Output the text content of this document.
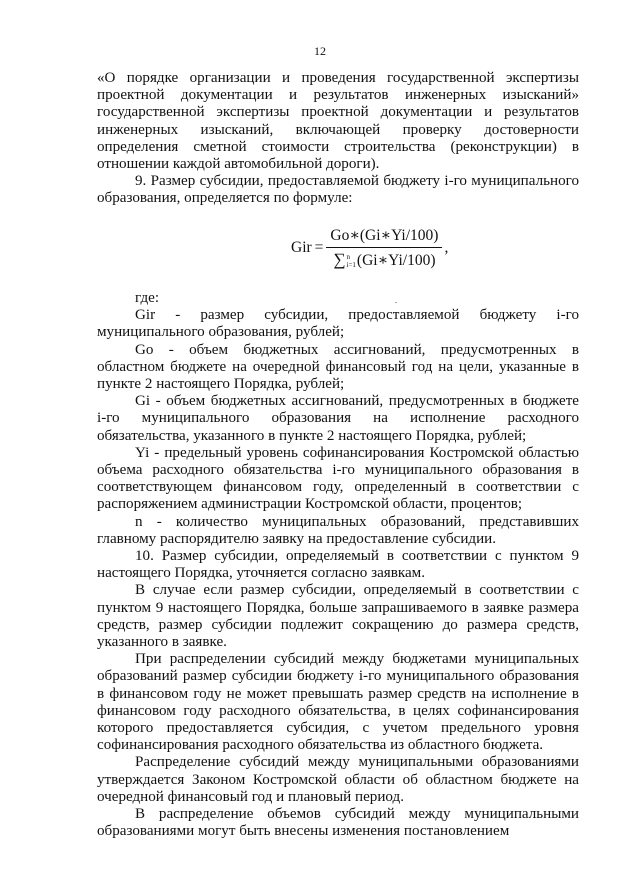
12

«О порядке организации и проведения государственной экспертизы проектной документации и результатов инженерных изысканий» государственной экспертизы проектной документации и результатов инженерных изысканий, включающей проверку достоверности определения сметной стоимости строительства (реконструкции) в отношении каждой автомобильной дороги).

9. Размер субсидии, предоставляемой бюджету i-го муниципального образования, определяется по формуле:

Gir = Go∗(Gi∗Yi/100)
∑ n
i=1 (Gi∗Yi/100) ,
.

где:

Gir - размер субсидии, предоставляемой бюджету i-го муниципального образования, рублей;

Go - объем бюджетных ассигнований, предусмотренных в областном бюджете на очередной финансовый год на цели, указанные в пункте 2 настоящего Порядка, рублей;

Gi - объем бюджетных ассигнований, предусмотренных в бюджете i-го муниципального образования на исполнение расходного обязательства, указанного в пункте 2 настоящего Порядка, рублей;

Yi - предельный уровень софинансирования Костромской областью объема расходного обязательства i-го муниципального образования в соответствующем финансовом году, определенный в соответствии с распоряжением администрации Костромской области, процентов;

n - количество муниципальных образований, представивших главному распорядителю заявку на предоставление субсидии.

10. Размер субсидии, определяемый в соответствии с пунктом 9 настоящего Порядка, уточняется согласно заявкам.

В случае если размер субсидии, определяемый в соответствии с пунктом 9 настоящего Порядка, больше запрашиваемого в заявке размера средств, размер субсидии подлежит сокращению до размера средств, указанного в заявке.

При распределении субсидий между бюджетами муниципальных образований размер субсидии бюджету i-го муниципального образования в финансовом году не может превышать размер средств на исполнение в финансовом году расходного обязательства, в целях софинансирования которого предоставляется субсидия, с учетом предельного уровня софинансирования расходного обязательства из областного бюджета.

Распределение субсидий между муниципальными образованиями утверждается Законом Костромской области об областном бюджете на очередной финансовый год и плановый период.

В распределение объемов субсидий между муниципальными образованиями могут быть внесены изменения постановлением
